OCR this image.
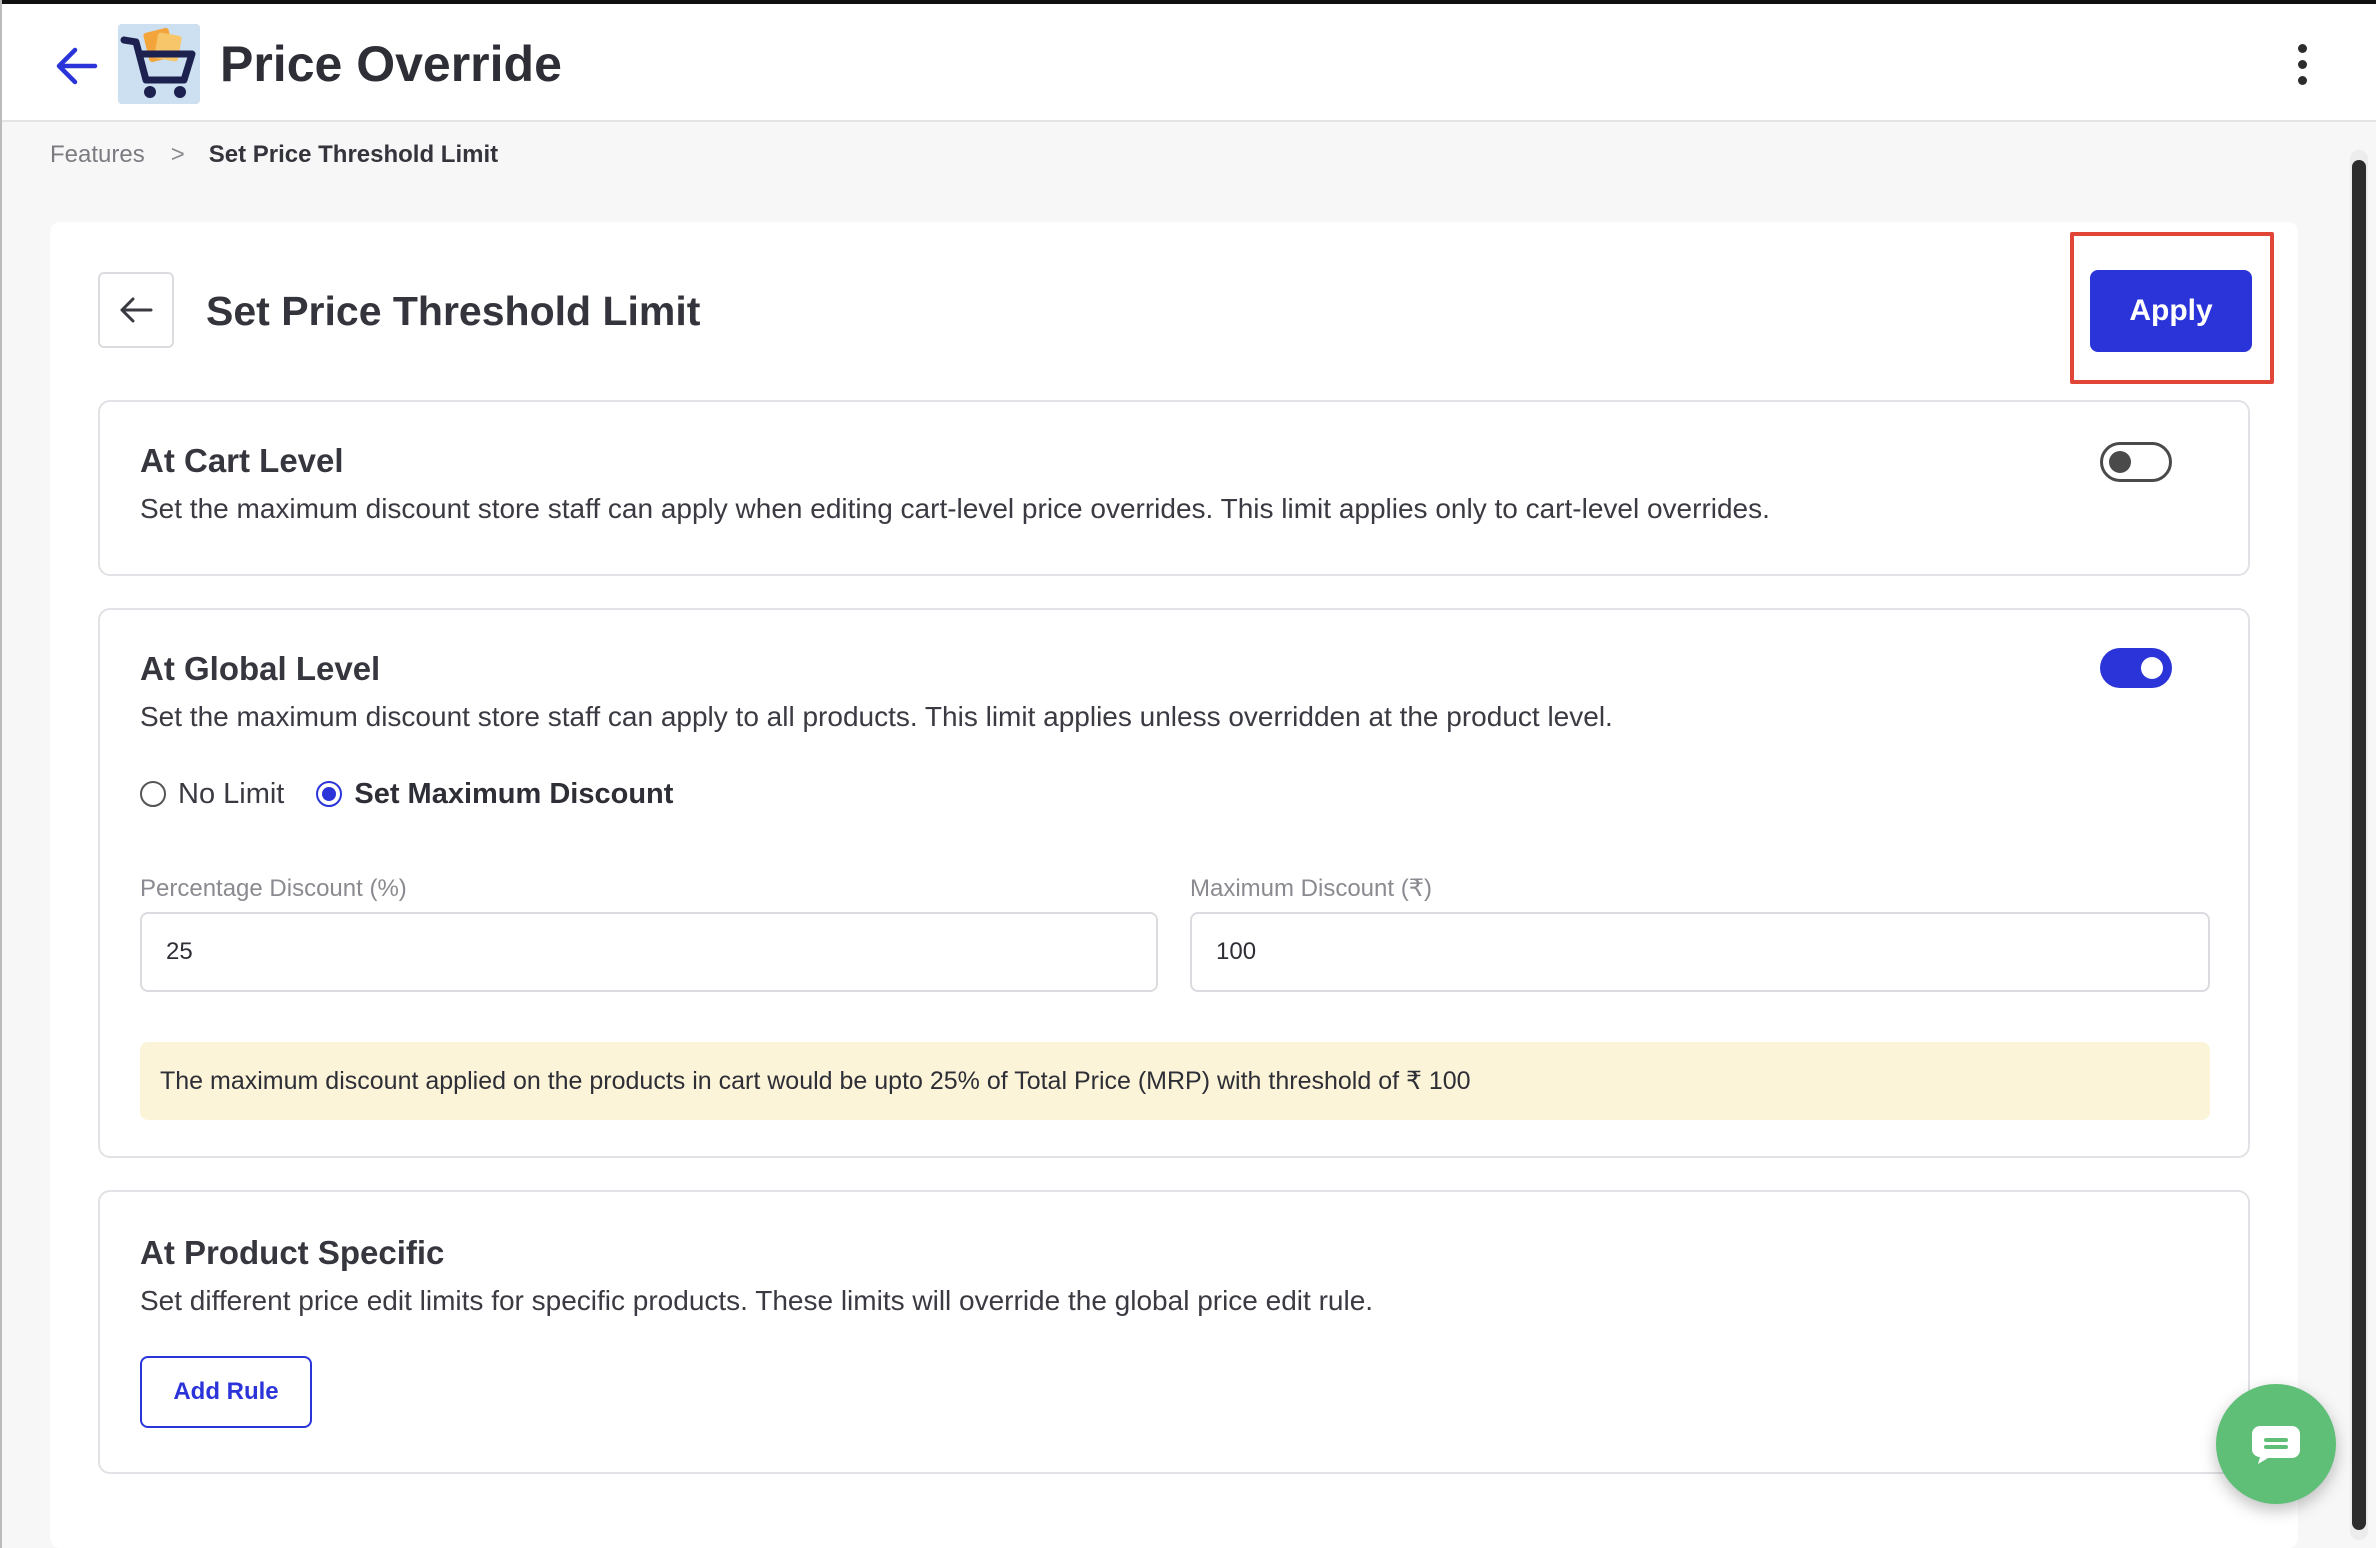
Price Override
Features > Set Price Threshold Limit
Set Price Threshold Limit	Apply
At Cart Level
Set the maximum discount store staff can apply when editing cart-level price overrides. This limit applies only to cart-level overrides.
At Global Level
Set the maximum discount store staff can apply to all products. This limit applies unless overridden at the product level.
No Limit Set Maximum Discount
Percentage Discount (%)
25	Maximum Discount (₹)
100
The maximum discount applied on the products in cart would be upto 25% of Total Price (MRP) with threshold of ₹ 100
At Product Specific
Set different price edit limits for specific products. These limits will override the global price edit rule.
Add Rule
